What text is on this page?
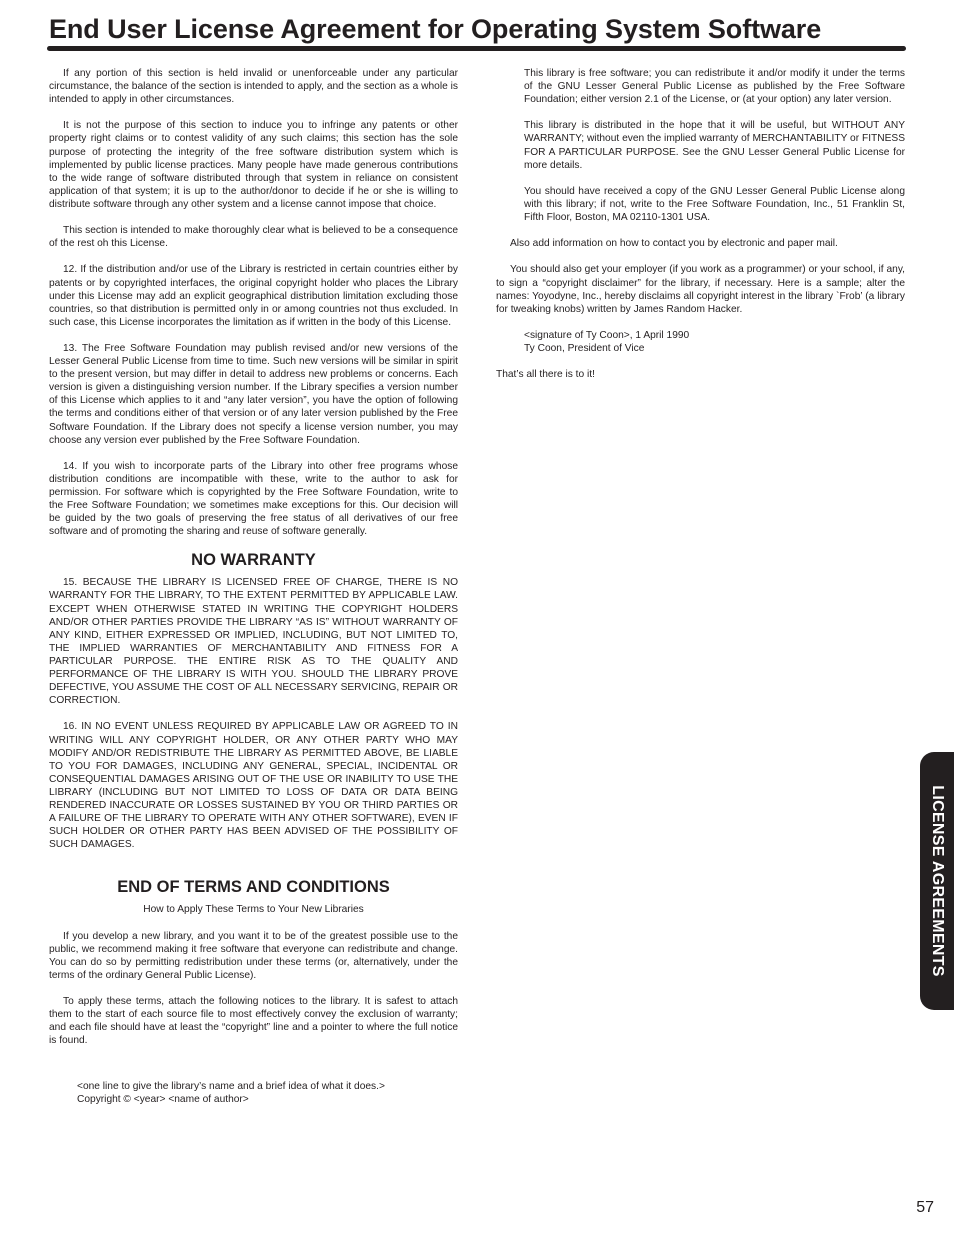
End User License Agreement for Operating System Software

If any portion of this section is held invalid or unenforceable under any particular circumstance, the balance of the section is intended to apply, and the section as a whole is intended to apply in other circumstances.

It is not the purpose of this section to induce you to infringe any patents or other property right claims or to contest validity of any such claims; this section has the sole purpose of protecting the integrity of the free software distribution system which is implemented by public license practices. Many people have made generous contributions to the wide range of software distributed through that system in reliance on consistent application of that system; it is up to the author/donor to decide if he or she is willing to distribute software through any other system and a license cannot impose that choice.

This section is intended to make thoroughly clear what is believed to be a consequence of the rest oh this License.

12. If the distribution and/or use of the Library is restricted in certain countries either by patents or by copyrighted interfaces, the original copyright holder who places the Library under this License may add an explicit geographical distribution limitation excluding those countries, so that distribution is permitted only in or among countries not thus excluded. In such case, this License incorporates the limitation as if written in the body of this License.

13. The Free Software Foundation may publish revised and/or new versions of the Lesser General Public License from time to time. Such new versions will be similar in spirit to the present version, but may differ in detail to address new problems or concerns. Each version is given a distinguishing version number. If the Library specifies a version number of this License which applies to it and “any later version”, you have the option of following the terms and conditions either of that version or of any later version published by the Free Software Foundation. If the Library does not specify a license version number, you may choose any version ever published by the Free Software Foundation.

14. If you wish to incorporate parts of the Library into other free programs whose distribution conditions are incompatible with these, write to the author to ask for permission. For software which is copyrighted by the Free Software Foundation, write to the Free Software Foundation; we sometimes make exceptions for this. Our decision will be guided by the two goals of preserving the free status of all derivatives of our free software and of promoting the sharing and reuse of software generally.

NO WARRANTY

15. BECAUSE THE LIBRARY IS LICENSED FREE OF CHARGE, THERE IS NO WARRANTY FOR THE LIBRARY, TO THE EXTENT PERMITTED BY APPLICABLE LAW. EXCEPT WHEN OTHERWISE STATED IN WRITING THE COPYRIGHT HOLDERS AND/OR OTHER PARTIES PROVIDE THE LIBRARY “AS IS” WITHOUT WARRANTY OF ANY KIND, EITHER EXPRESSED OR IMPLIED, INCLUDING, BUT NOT LIMITED TO, THE IMPLIED WARRANTIES OF MERCHANTABILITY AND FITNESS FOR A PARTICULAR PURPOSE. THE ENTIRE RISK AS TO THE QUALITY AND PERFORMANCE OF THE LIBRARY IS WITH YOU. SHOULD THE LIBRARY PROVE DEFECTIVE, YOU ASSUME THE COST OF ALL NECESSARY SERVICING, REPAIR OR CORRECTION.

16. IN NO EVENT UNLESS REQUIRED BY APPLICABLE LAW OR AGREED TO IN WRITING WILL ANY COPYRIGHT HOLDER, OR ANY OTHER PARTY WHO MAY MODIFY AND/OR REDISTRIBUTE THE LIBRARY AS PERMITTED ABOVE, BE LIABLE TO YOU FOR DAMAGES, INCLUDING ANY GENERAL, SPECIAL, INCIDENTAL OR CONSEQUENTIAL DAMAGES ARISING OUT OF THE USE OR INABILITY TO USE THE LIBRARY (INCLUDING BUT NOT LIMITED TO LOSS OF DATA OR DATA BEING RENDERED INACCURATE OR LOSSES SUSTAINED BY YOU OR THIRD PARTIES OR A FAILURE OF THE LIBRARY TO OPERATE WITH ANY OTHER SOFTWARE), EVEN IF SUCH HOLDER OR OTHER PARTY HAS BEEN ADVISED OF THE POSSIBILITY OF SUCH DAMAGES.

END OF TERMS AND CONDITIONS

How to Apply These Terms to Your New Libraries

If you develop a new library, and you want it to be of the greatest possible use to the public, we recommend making it free software that everyone can redistribute and change. You can do so by permitting redistribution under these terms (or, alternatively, under the terms of the ordinary General Public License).

To apply these terms, attach the following notices to the library. It is safest to attach them to the start of each source file to most effectively convey the exclusion of warranty; and each file should have at least the “copyright” line and a pointer to where the full notice is found.

<one line to give the library’s name and a brief idea of what it does.>
Copyright © <year> <name of author>

This library is free software; you can redistribute it and/or modify it under the terms of the GNU Lesser General Public License as published by the Free Software Foundation; either version 2.1 of the License, or (at your option) any later version.

This library is distributed in the hope that it will be useful, but WITHOUT ANY WARRANTY; without even the implied warranty of MERCHANTABILITY or FITNESS FOR A PARTICULAR PURPOSE. See the GNU Lesser General Public License for more details.

You should have received a copy of the GNU Lesser General Public License along with this library; if not, write to the Free Software Foundation, Inc., 51 Franklin St, Fifth Floor, Boston, MA 02110-1301 USA.

Also add information on how to contact you by electronic and paper mail.

You should also get your employer (if you work as a programmer) or your school, if any, to sign a “copyright disclaimer” for the library, if necessary. Here is a sample; alter the names: Yoyodyne, Inc., hereby disclaims all copyright interest in the library `Frob’ (a library for tweaking knobs) written by James Random Hacker.

<signature of Ty Coon>, 1 April 1990
Ty Coon, President of Vice

That’s all there is to it!

LICENSE AGREEMENTS
57
